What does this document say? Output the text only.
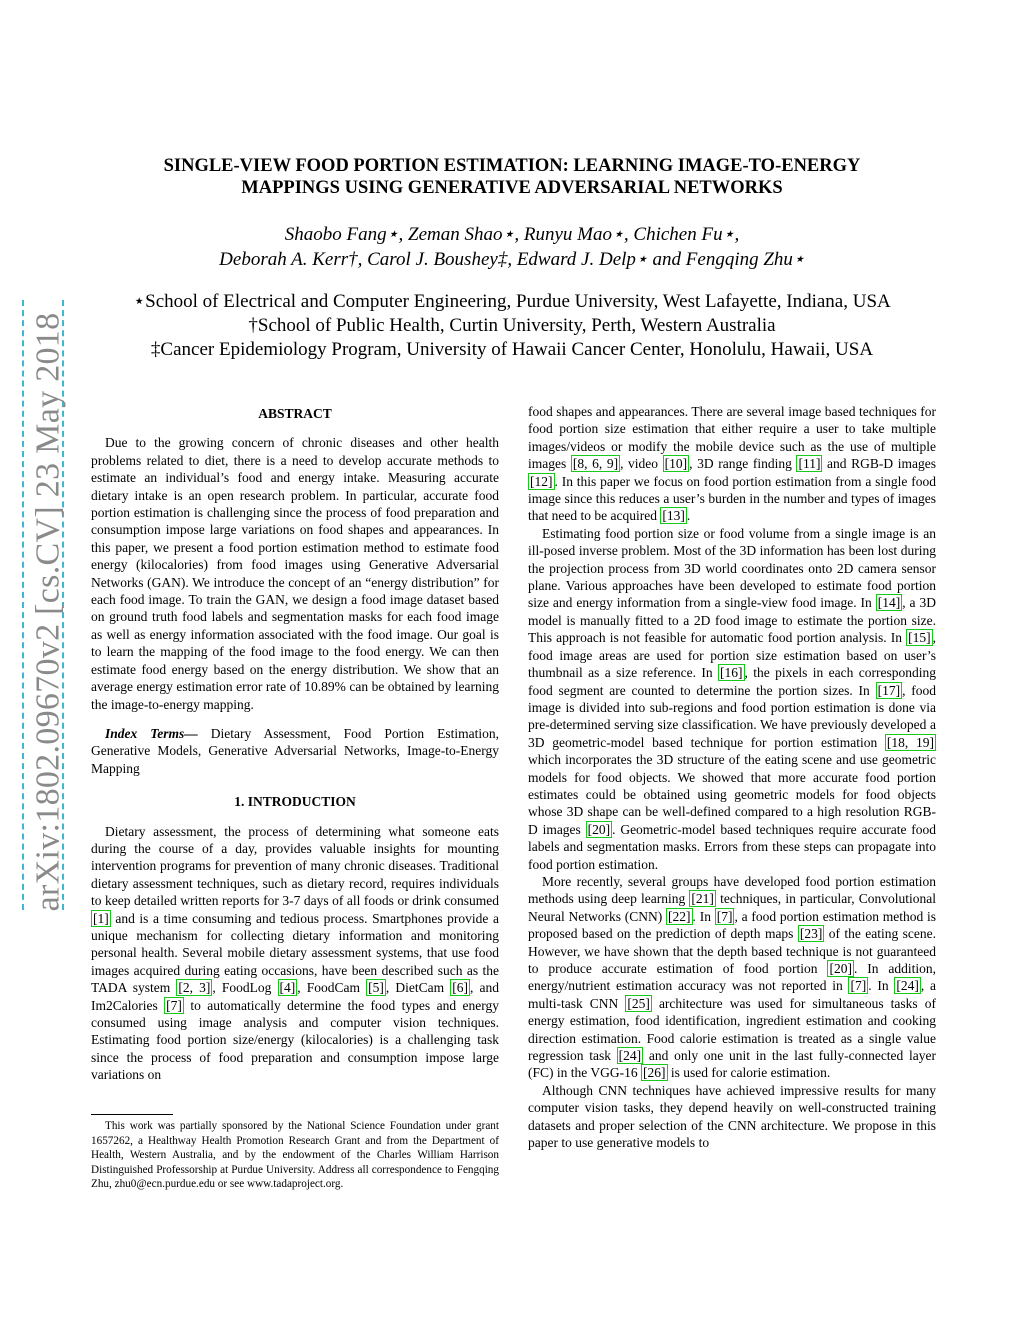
arXiv:1802.09670v2 [cs.CV] 23 May 2018
SINGLE-VIEW FOOD PORTION ESTIMATION: LEARNING IMAGE-TO-ENERGY
MAPPINGS USING GENERATIVE ADVERSARIAL NETWORKS
Shaobo Fang⋆, Zeman Shao⋆, Runyu Mao⋆, Chichen Fu⋆,
Deborah A. Kerr†, Carol J. Boushey‡, Edward J. Delp⋆ and Fengqing Zhu⋆
⋆School of Electrical and Computer Engineering, Purdue University, West Lafayette, Indiana, USA
†School of Public Health, Curtin University, Perth, Western Australia
‡Cancer Epidemiology Program, University of Hawaii Cancer Center, Honolulu, Hawaii, USA
ABSTRACT

Due to the growing concern of chronic diseases and other health problems related to diet, there is a need to develop accurate methods to estimate an individual’s food and energy intake. Measuring accurate dietary intake is an open research problem. In particular, accurate food portion estimation is challenging since the process of food preparation and consumption impose large variations on food shapes and appearances. In this paper, we present a food portion estimation method to estimate food energy (kilocalories) from food images using Generative Adversarial Networks (GAN). We introduce the concept of an “energy distribution” for each food image. To train the GAN, we design a food image dataset based on ground truth food labels and segmentation masks for each food image as well as energy information associated with the food image. Our goal is to learn the mapping of the food image to the food energy. We can then estimate food energy based on the energy distribution. We show that an average energy estimation error rate of 10.89% can be obtained by learning the image-to-energy mapping.

Index Terms— Dietary Assessment, Food Portion Estimation, Generative Models, Generative Adversarial Networks, Image-to-Energy Mapping

1. INTRODUCTION

Dietary assessment, the process of determining what someone eats during the course of a day, provides valuable insights for mounting intervention programs for prevention of many chronic diseases. Traditional dietary assessment techniques, such as dietary record, requires individuals to keep detailed written reports for 3-7 days of all foods or drink consumed [1] and is a time consuming and tedious process. Smartphones provide a unique mechanism for collecting dietary information and monitoring personal health. Several mobile dietary assessment systems, that use food images acquired during eating occasions, have been described such as the TADA system [2, 3] , FoodLog [4] , FoodCam [5] , DietCam [6] , and Im2Calories [7] to automatically determine the food types and energy consumed using image analysis and computer vision techniques. Estimating food portion size/energy (kilocalories) is a challenging task since the process of food preparation and consumption impose large variations on

This work was partially sponsored by the National Science Foundation under grant 1657262, a Healthway Health Promotion Research Grant and from the Department of Health, Western Australia, and by the endowment of the Charles William Harrison Distinguished Professorship at Purdue University. Address all correspondence to Fengqing Zhu, zhu0@ecn.purdue.edu or see www.tadaproject.org.

food shapes and appearances. There are several image based techniques for food portion size estimation that either require a user to take multiple images/videos or modify the mobile device such as the use of multiple images [8, 6, 9] , video [10] , 3D range finding [11] and RGB-D images [12] . In this paper we focus on food portion estimation from a single food image since this reduces a user’s burden in the number and types of images that need to be acquired [13] .

Estimating food portion size or food volume from a single image is an ill-posed inverse problem. Most of the 3D information has been lost during the projection process from 3D world coordinates onto 2D camera sensor plane. Various approaches have been developed to estimate food portion size and energy information from a single-view food image. In [14] , a 3D model is manually fitted to a 2D food image to estimate the portion size. This approach is not feasible for automatic food portion analysis. In [15] , food image areas are used for portion size estimation based on user’s thumbnail as a size reference. In [16] , the pixels in each corresponding food segment are counted to determine the portion sizes. In [17] , food image is divided into sub-regions and food portion estimation is done via pre-determined serving size classification. We have previously developed a 3D geometric-model based technique for portion estimation [18, 19] which incorporates the 3D structure of the eating scene and use geometric models for food objects. We showed that more accurate food portion estimates could be obtained using geometric models for food objects whose 3D shape can be well-defined compared to a high resolution RGB-D images [20] . Geometric-model based techniques require accurate food labels and segmentation masks. Errors from these steps can propagate into food portion estimation.

More recently, several groups have developed food portion estimation methods using deep learning [21] techniques, in particular, Convolutional Neural Networks (CNN) [22] . In [7] , a food portion estimation method is proposed based on the prediction of depth maps [23] of the eating scene. However, we have shown that the depth based technique is not guaranteed to produce accurate estimation of food portion [20] . In addition, energy/nutrient estimation accuracy was not reported in [7] . In [24] , a multi-task CNN [25] architecture was used for simultaneous tasks of energy estimation, food identification, ingredient estimation and cooking direction estimation. Food calorie estimation is treated as a single value regression task [24] and only one unit in the last fully-connected layer (FC) in the VGG-16 [26] is used for calorie estimation.

Although CNN techniques have achieved impressive results for many computer vision tasks, they depend heavily on well-constructed training datasets and proper selection of the CNN architecture. We propose in this paper to use generative models to
